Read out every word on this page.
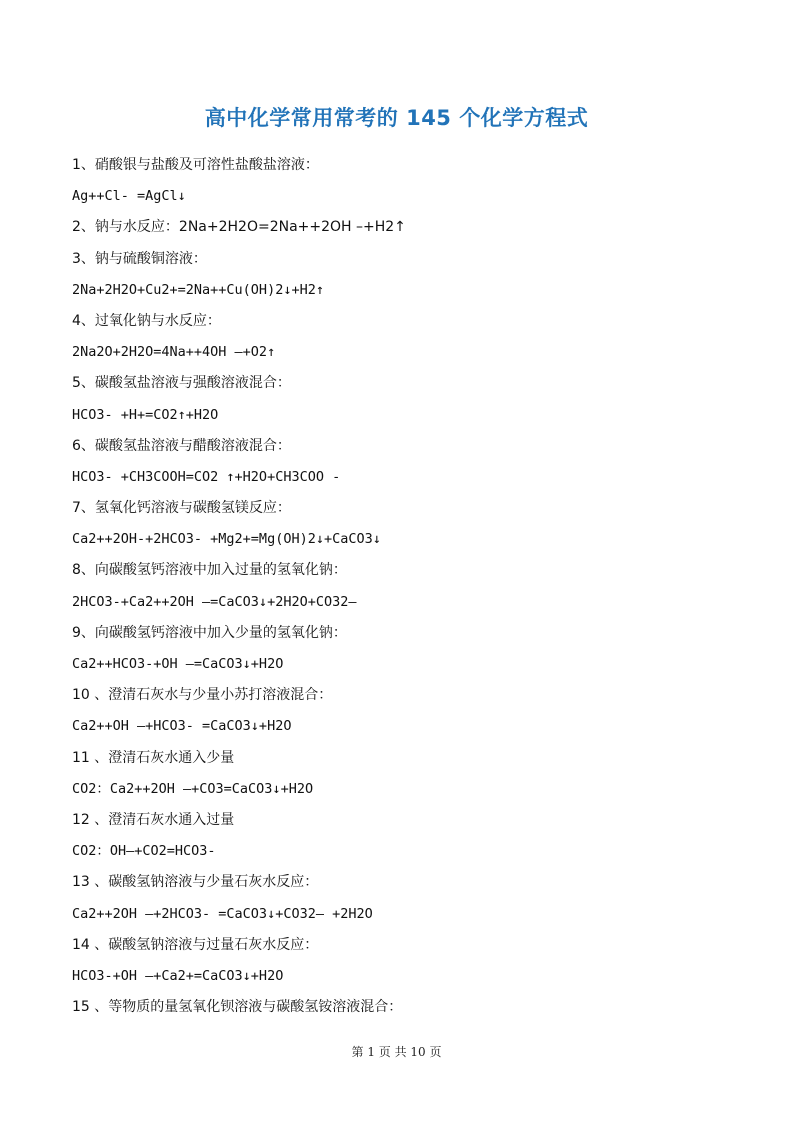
高中化学常用常考的 145 个化学方程式
1、硝酸银与盐酸及可溶性盐酸盐溶液：
Ag++Cl- =AgCl↓
2、钠与水反应：2Na+2H2O=2Na++2OH –+H2↑
3、钠与硫酸铜溶液：
2Na+2H2O+Cu2+=2Na++Cu(OH)2↓+H2↑
4、过氧化钠与水反应：
2Na2O+2H2O=4Na++4OH –+O2↑
5、碳酸氢盐溶液与强酸溶液混合：
HCO3- +H+=CO2↑+H2O
6、碳酸氢盐溶液与醋酸溶液混合：
HCO3- +CH3COOH=CO2 ↑+H2O+CH3COO -
7、氢氧化钙溶液与碳酸氢镁反应：
Ca2++2OH-+2HCO3- +Mg2+=Mg(OH)2↓+CaCO3↓
8、向碳酸氢钙溶液中加入过量的氢氧化钠：
2HCO3-+Ca2++2OH –=CaCO3↓+2H2O+CO32–
9、向碳酸氢钙溶液中加入少量的氢氧化钠：
Ca2++HCO3-+OH –=CaCO3↓+H2O
10 、澄清石灰水与少量小苏打溶液混合：
Ca2++OH –+HCO3- =CaCO3↓+H2O
11 、澄清石灰水通入少量
CO2：Ca2++2OH –+CO3=CaCO3↓+H2O
12 、澄清石灰水通入过量
CO2：OH–+CO2=HCO3-
13 、碳酸氢钠溶液与少量石灰水反应：
Ca2++2OH –+2HCO3- =CaCO3↓+CO32– +2H2O
14 、碳酸氢钠溶液与过量石灰水反应：
HCO3-+OH –+Ca2+=CaCO3↓+H2O
15 、等物质的量氢氧化钡溶液与碳酸氢铵溶液混合：
第 1 页 共 10 页
